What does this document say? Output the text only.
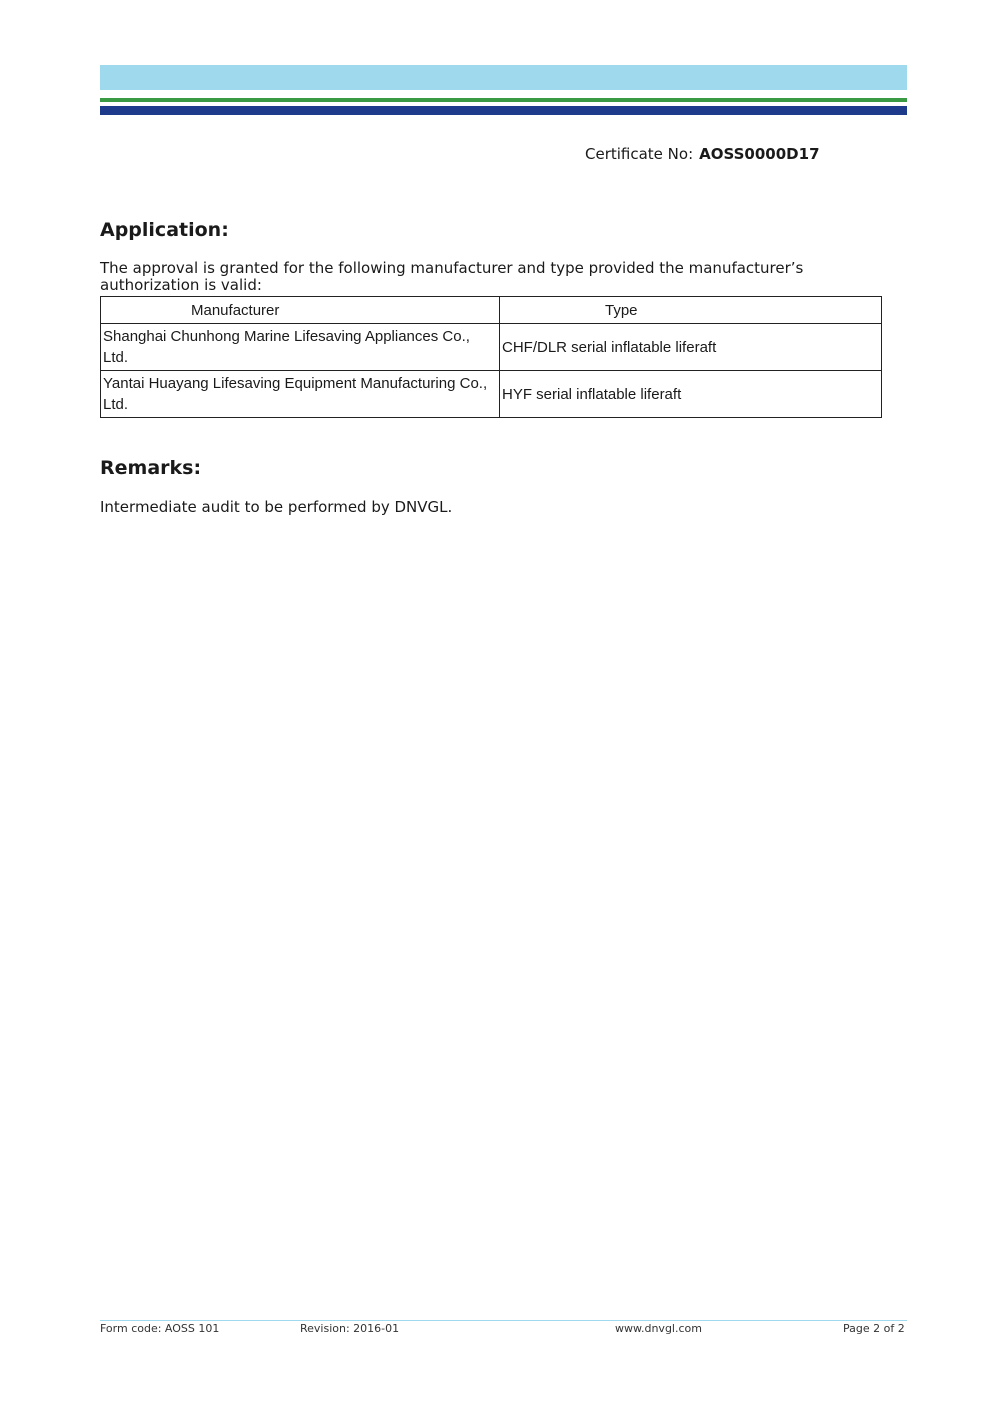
Certificate No: AOSS0000D17
Application:

The approval is granted for the following manufacturer and type provided the manufacturer’s authorization is valid:

Manufacturer	Type
Shanghai Chunhong Marine Lifesaving Appliances Co., Ltd.	CHF/DLR serial inflatable liferaft
Yantai Huayang Lifesaving Equipment Manufacturing Co., Ltd.	HYF serial inflatable liferaft
Remarks:

Intermediate audit to be performed by DNVGL.

Form code: AOSS 101	Revision: 2016-01	www.dnvgl.com	Page 2 of 2
